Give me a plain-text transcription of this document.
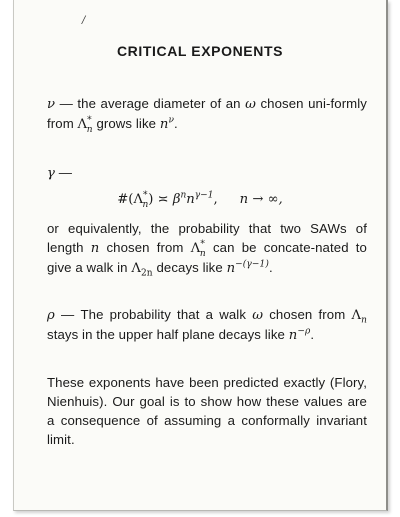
/
CRITICAL EXPONENTS
ν — the average diameter of an ω chosen uni-formly from $\Lambda^*_n$ grows like $n^\nu$.
γ —
$\#(\Lambda^*_n)$ ≍ $\beta^nn^{\gamma-1}$, n → ∞,
or equivalently, the probability that two SAWs of length n chosen from $\Lambda^*_n$ can be concate-nated to give a walk in $\Lambda_{2n}$ decays like $n^{-(\gamma-1)}$.
ρ — The probability that a walk ω chosen from $\Lambda_n$ stays in the upper half plane decays like $n^{-\rho}$.
These exponents have been predicted exactly (Flory, Nienhuis). Our goal is to show how these values are a consequence of assuming a conformally invariant limit.
